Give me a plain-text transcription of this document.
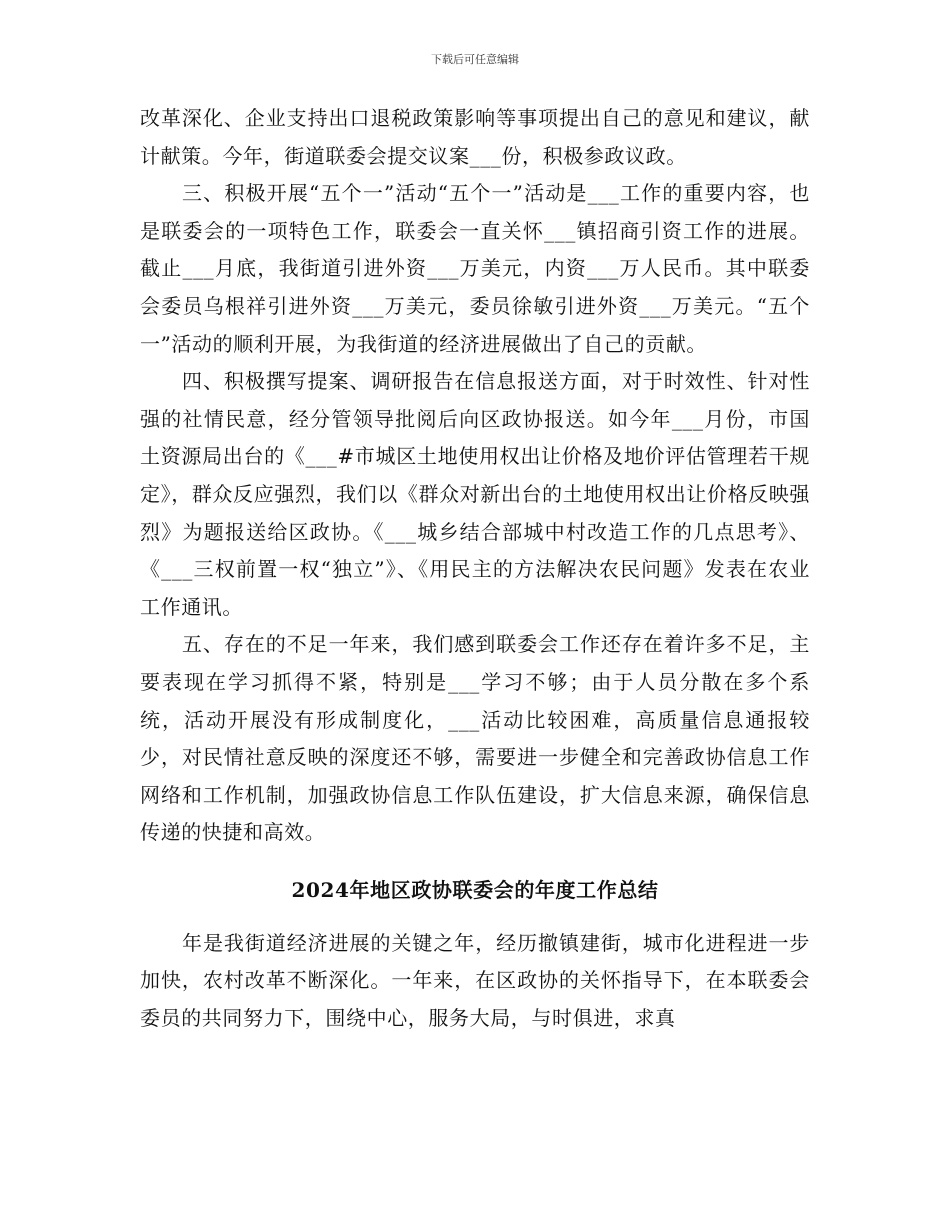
下载后可任意编辑

改革深化、企业支持出口退税政策影响等事项提出自己的意见和建议，献计献策。今年，街道联委会提交议案___份，积极参政议政。

三、积极开展“五个一”活动“五个一”活动是___工作的重要内容，也是联委会的一项特色工作，联委会一直关怀___镇招商引资工作的进展。截止___月底，我街道引进外资___万美元，内资___万人民币。其中联委会委员乌根祥引进外资___万美元，委员徐敏引进外资___万美元。“五个一”活动的顺利开展，为我街道的经济进展做出了自己的贡献。

四、积极撰写提案、调研报告在信息报送方面，对于时效性、针对性强的社情民意，经分管领导批阅后向区政协报送。如今年___月份，市国土资源局出台的《___#市城区土地使用权出让价格及地价评估管理若干规定》，群众反应强烈，我们以《群众对新出台的土地使用权出让价格反映强烈》为题报送给区政协。《___城乡结合部城中村改造工作的几点思考》、《___三权前置一权“独立”》、《用民主的方法解决农民问题》发表在农业工作通讯。

五、存在的不足一年来，我们感到联委会工作还存在着许多不足，主要表现在学习抓得不紧，特别是___学习不够；由于人员分散在多个系统，活动开展没有形成制度化，___活动比较困难，高质量信息通报较少，对民情社意反映的深度还不够，需要进一步健全和完善政协信息工作网络和工作机制，加强政协信息工作队伍建设，扩大信息来源，确保信息传递的快捷和高效。

2024年地区政协联委会的年度工作总结

年是我街道经济进展的关键之年，经历撤镇建街，城市化进程进一步加快，农村改革不断深化。一年来，在区政协的关怀指导下，在本联委会委员的共同努力下，围绕中心，服务大局，与时俱进，求真
